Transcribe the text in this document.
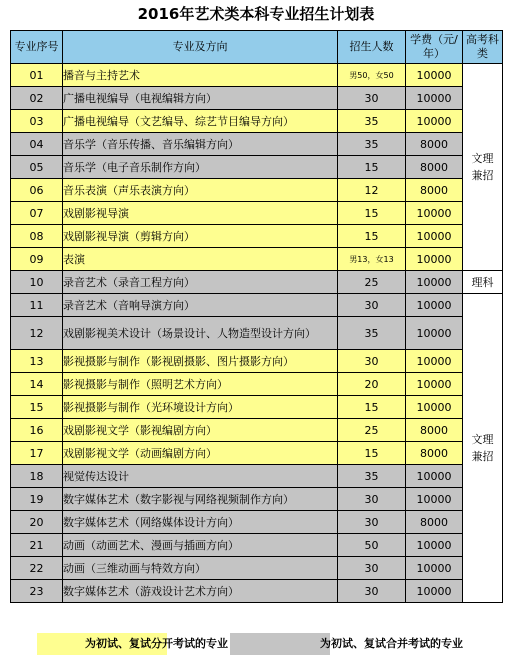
2016年艺术类本科专业招生计划表
专业序号	专业及方向	招生人数	学费（元/年）	高考科类
01	播音与主持艺术	男50，女50	10000	文理兼招
02	广播电视编导（电视编辑方向）	30	10000	
03	广播电视编导（文艺编导、综艺节目编导方向）	35	10000	
04	音乐学（音乐传播、音乐编辑方向）	35	8000	
05	音乐学（电子音乐制作方向）	15	8000	
06	音乐表演（声乐表演方向）	12	8000	
07	戏剧影视导演	15	10000	
08	戏剧影视导演（剪辑方向）	15	10000	
09	表演	男13，女13	10000	
10	录音艺术（录音工程方向）	25	10000	理科
11	录音艺术（音响导演方向）	30	10000	文理兼招
12	戏剧影视美术设计（场景设计、人物造型设计方向）	35	10000	
13	影视摄影与制作（影视剧摄影、图片摄影方向）	30	10000	
14	影视摄影与制作（照明艺术方向）	20	10000	
15	影视摄影与制作（光环境设计方向）	15	10000	
16	戏剧影视文学（影视编剧方向）	25	8000	
17	戏剧影视文学（动画编剧方向）	15	8000	
18	视觉传达设计	35	10000	
19	数字媒体艺术（数字影视与网络视频制作方向）	30	10000	
20	数字媒体艺术（网络媒体设计方向）	30	8000	
21	动画（动画艺术、漫画与插画方向）	50	10000	
22	动画（三维动画与特效方向）	30	10000	
23	数字媒体艺术（游戏设计艺术方向）	30	10000	
为初试、复试分开考试的专业	为初试、复试合并考试的专业
